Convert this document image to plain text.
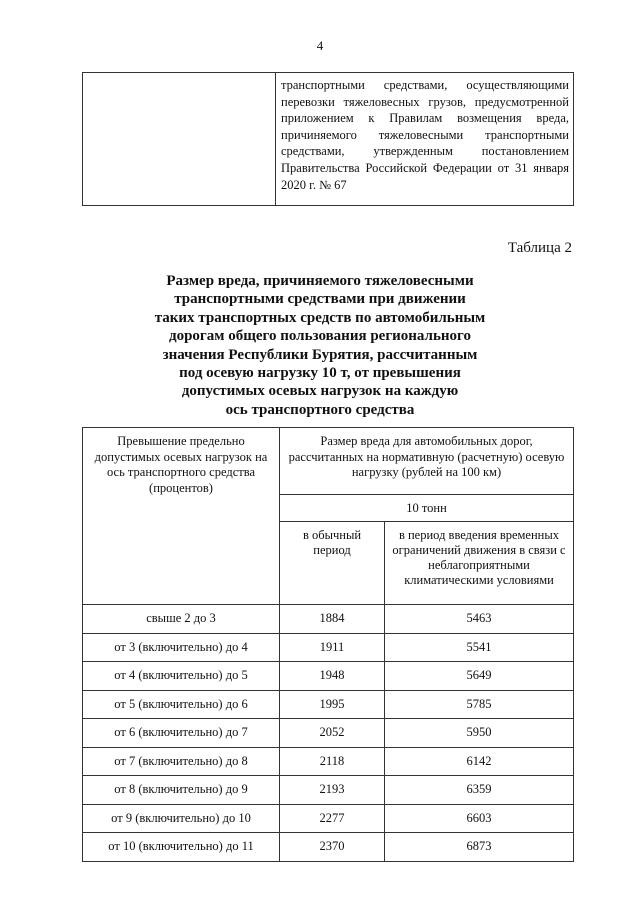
4
	транспортными средствами, осуществляющими перевозки тяжеловесных грузов, предусмотренной приложением к Правилам возмещения вреда, причиняемого тяжеловесными транспортными средствами, утвержденным постановлением Правительства Российской Федерации от 31 января 2020 г. № 67
Таблица 2
Размер вреда, причиняемого тяжеловесными
транспортными средствами при движении
таких транспортных средств по автомобильным
дорогам общего пользования регионального
значения Республики Бурятия, рассчитанным
под осевую нагрузку 10 т, от превышения
допустимых осевых нагрузок на каждую
ось транспортного средства
Превышение предельно допустимых осевых нагрузок на ось транспортного средства (процентов)	Размер вреда для автомобильных дорог, рассчитанных на нормативную (расчетную) осевую нагрузку (рублей на 100 км)	
	10 тонн	
	в обычный период	в период введения временных ограничений движения в связи с неблагоприятными климатическими условиями
свыше 2 до 3	1884	5463
от 3 (включительно) до 4	1911	5541
от 4 (включительно) до 5	1948	5649
от 5 (включительно) до 6	1995	5785
от 6 (включительно) до 7	2052	5950
от 7 (включительно) до 8	2118	6142
от 8 (включительно) до 9	2193	6359
от 9 (включительно) до 10	2277	6603
от 10 (включительно) до 11	2370	6873
